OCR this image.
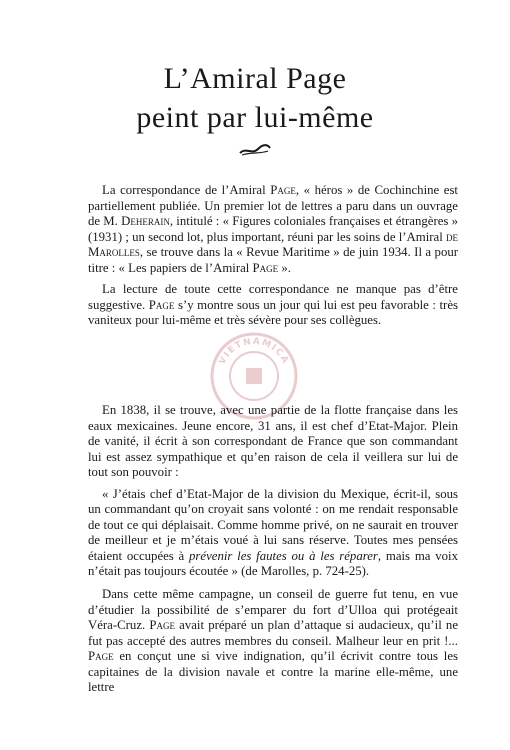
L’Amiral Page
peint par lui-même
VIETNAMICA

La correspondance de l’Amiral Page, « héros » de Cochinchine est partiellement publiée. Un premier lot de lettres a paru dans un ouvrage de M. Deherain, intitulé : « Figures coloniales françaises et étrangères » (1931) ; un second lot, plus important, réuni par les soins de l’Amiral de Marolles, se trouve dans la « Revue Maritime » de juin 1934. Il a pour titre : « Les papiers de l’Amiral Page ».

La lecture de toute cette correspondance ne manque pas d’être suggestive. Page s’y montre sous un jour qui lui est peu favorable : très vaniteux pour lui-même et très sévère pour ses collègues.

En 1838, il se trouve, avec une partie de la flotte française dans les eaux mexicaines. Jeune encore, 31 ans, il est chef d’Etat-Major. Plein de vanité, il écrit à son correspondant de France que son commandant lui est assez sympathique et qu’en raison de cela il veillera sur lui de tout son pouvoir :

« J’étais chef d’Etat-Major de la division du Mexique, écrit-il, sous un commandant qu’on croyait sans volonté : on me rendait responsable de tout ce qui déplaisait. Comme homme privé, on ne saurait en trouver de meilleur et je m’étais voué à lui sans réserve. Toutes mes pensées étaient occupées à prévenir les fautes ou à les réparer, mais ma voix n’était pas toujours écoutée » (de Marolles, p. 724-25).

Dans cette même campagne, un conseil de guerre fut tenu, en vue d’étudier la possibilité de s’emparer du fort d’Ulloa qui protégeait Véra-Cruz. Page avait préparé un plan d’attaque si audacieux, qu’il ne fut pas accepté des autres membres du conseil. Malheur leur en prit !... Page en conçut une si vive indignation, qu’il écrivit contre tous les capitaines de la division navale et contre la marine elle-même, une lettre
